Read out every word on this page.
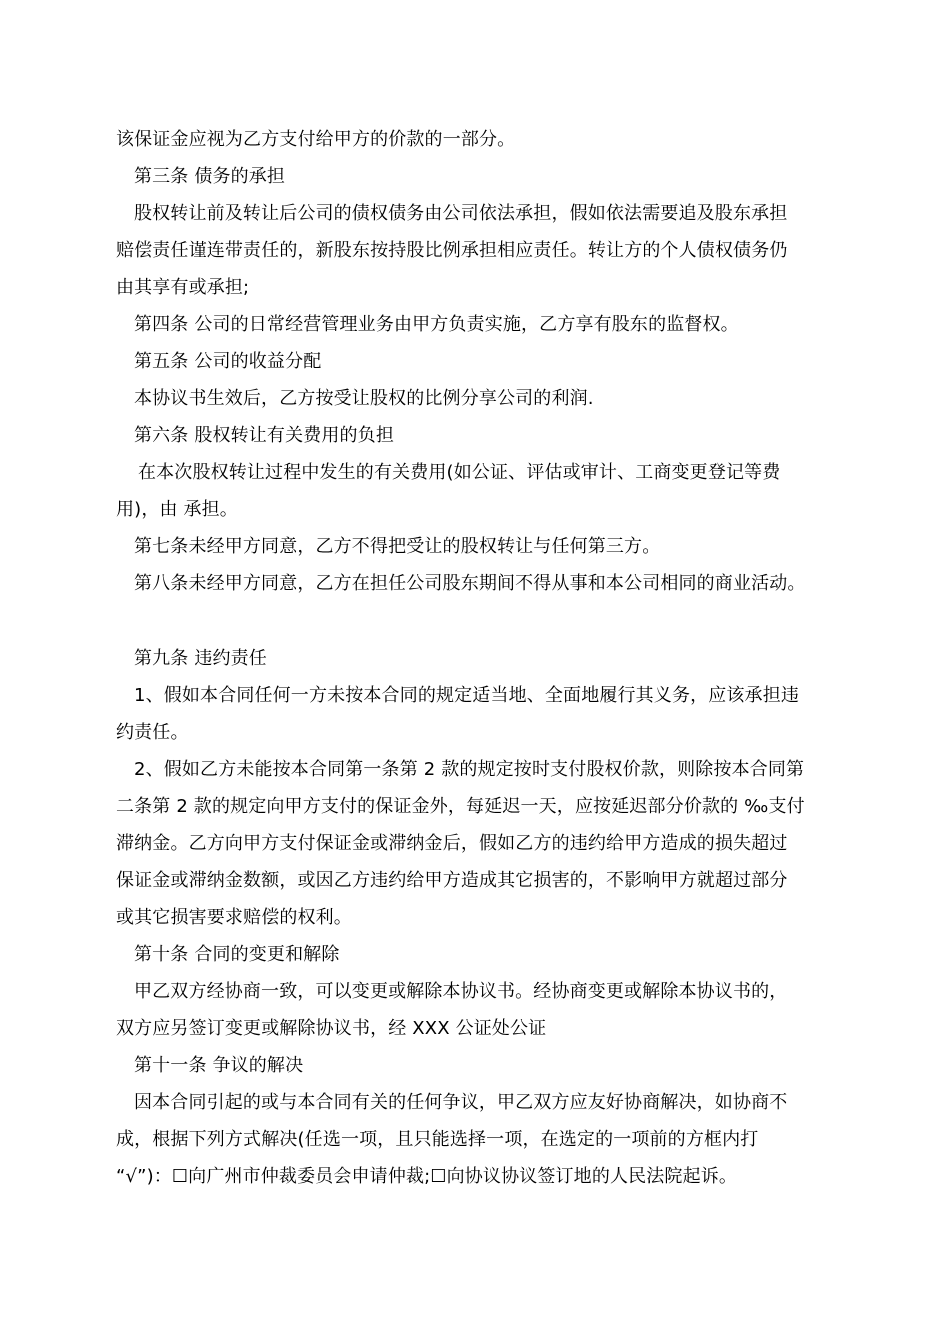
该保证金应视为乙方支付给甲方的价款的一部分。
第三条 债务的承担
股权转让前及转让后公司的债权债务由公司依法承担，假如依法需要追及股东承担
赔偿责任谨连带责任的，新股东按持股比例承担相应责任。转让方的个人债权债务仍
由其享有或承担;
第四条 公司的日常经营管理业务由甲方负责实施，乙方享有股东的监督权。
第五条 公司的收益分配
本协议书生效后，乙方按受让股权的比例分享公司的利润.
第六条 股权转让有关费用的负担
在本次股权转让过程中发生的有关费用(如公证、评估或审计、工商变更登记等费
用)，由 承担。
第七条未经甲方同意，乙方不得把受让的股权转让与任何第三方。
第八条未经甲方同意，乙方在担任公司股东期间不得从事和本公司相同的商业活动。
第九条 违约责任
1、假如本合同任何一方未按本合同的规定适当地、全面地履行其义务，应该承担违
约责任。
2、假如乙方未能按本合同第一条第 2 款的规定按时支付股权价款，则除按本合同第
二条第 2 款的规定向甲方支付的保证金外，每延迟一天，应按延迟部分价款的 ‰支付
滞纳金。乙方向甲方支付保证金或滞纳金后，假如乙方的违约给甲方造成的损失超过
保证金或滞纳金数额，或因乙方违约给甲方造成其它损害的，不影响甲方就超过部分
或其它损害要求赔偿的权利。
第十条 合同的变更和解除
甲乙双方经协商一致，可以变更或解除本协议书。经协商变更或解除本协议书的，
双方应另签订变更或解除协议书，经 XXX 公证处公证
第十一条 争议的解决
因本合同引起的或与本合同有关的任何争议，甲乙双方应友好协商解决，如协商不
成，根据下列方式解决(任选一项，且只能选择一项，在选定的一项前的方框内打
“√”)：☐向广州市仲裁委员会申请仲裁;☐向协议协议签订地的人民法院起诉。
